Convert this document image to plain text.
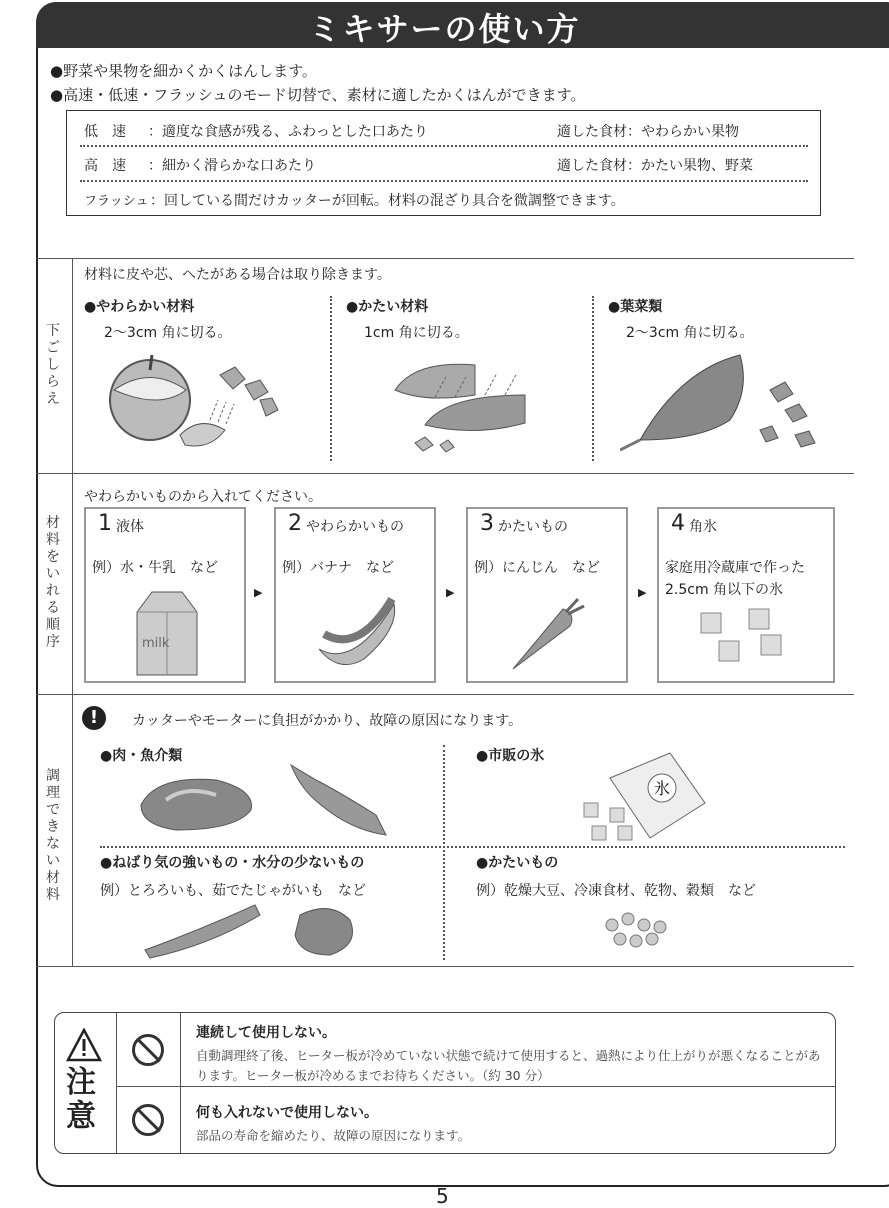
ミキサーの使い方
●野菜や果物を細かくかくはんします。
●高速・低速・フラッシュのモード切替で、素材に適したかくはんができます。
低　速 ：適度な食感が残る、ふわっとした口あたり	適した食材：やわらかい果物
高　速 ：細かく滑らかな口あたり	適した食材：かたい果物、野菜
フラッシュ ：回している間だけカッターが回転。材料の混ざり具合を微調整できます。
下ごしらえ
材料をいれる順序
調理できない材料
材料に皮や芯、へたがある場合は取り除きます。
●やわらかい材料
2～3cm 角に切る。
●かたい材料
1cm 角に切る。
●葉菜類
2～3cm 角に切る。
やわらかいものから入れてください。
1 液体
例）水・牛乳　など
milk
▶
2 やわらかいもの
例）バナナ　など
▶
3 かたいもの
例）にんじん　など
▶
4 角氷
家庭用冷蔵庫で作った2.5cm 角以下の氷
!	カッターやモーターに負担がかかり、故障の原因になります。
●肉・魚介類	●市販の氷
氷
●ねばり気の強いもの・水分の少ないもの
例）とろろいも、茹でたじゃがいも　など
●かたいもの
例）乾燥大豆、冷凍食材、乾物、穀類　など
注
意
連続して使用しない。
自動調理終了後、ヒーター板が冷めていない状態で続けて使用すると、過熱により仕上がりが悪くなることがあります。ヒーター板が冷めるまでお待ちください。（約 30 分）
何も入れないで使用しない。
部品の寿命を縮めたり、故障の原因になります。
5
